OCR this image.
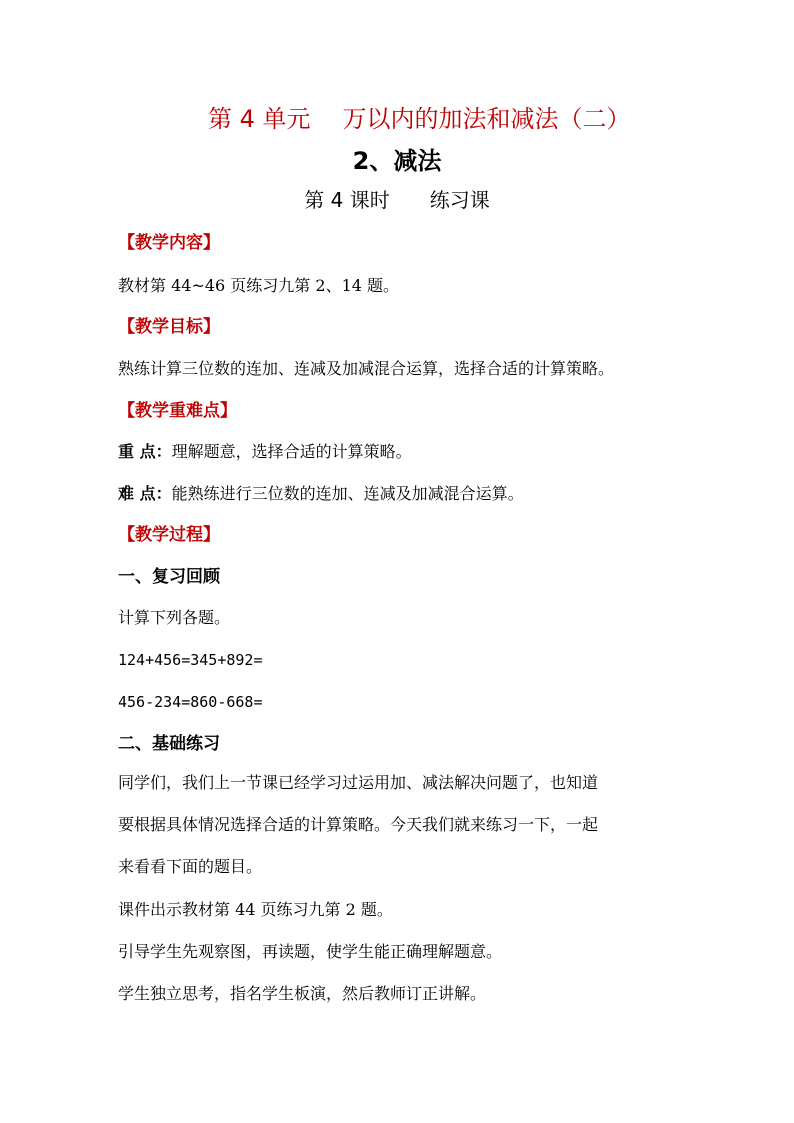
第 4 单元 万以内的加法和减法（二）
2、减法
第 4 课时 练习课
【教学内容】
教材第 44~46 页练习九第 2、14 题。
【教学目标】
熟练计算三位数的连加、连减及加减混合运算，选择合适的计算策略。
【教学重难点】
重 点：理解题意，选择合适的计算策略。
难 点：能熟练进行三位数的连加、连减及加减混合运算。
【教学过程】
一、复习回顾
计算下列各题。
124+456=345+892=
456-234=860-668=
二、基础练习
同学们，我们上一节课已经学习过运用加、减法解决问题了，也知道
要根据具体情况选择合适的计算策略。今天我们就来练习一下，一起
来看看下面的题目。
课件出示教材第 44 页练习九第 2 题。
引导学生先观察图，再读题，使学生能正确理解题意。
学生独立思考，指名学生板演，然后教师订正讲解。
